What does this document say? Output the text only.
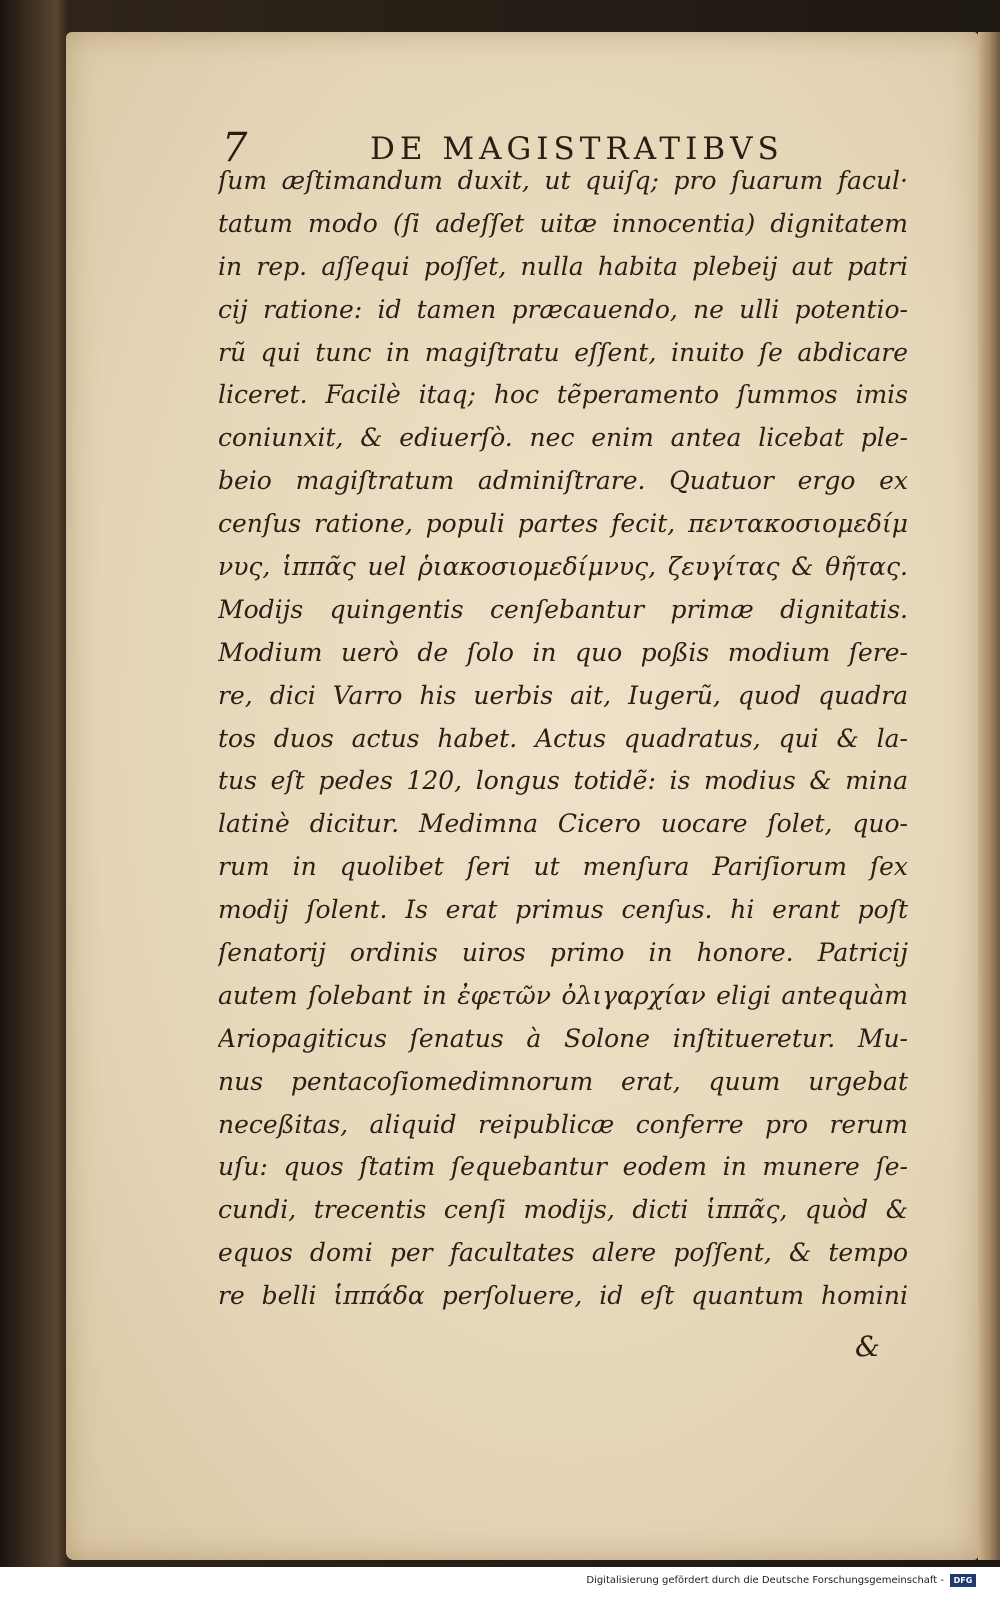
7	DE MAGISTRATIBVS
ſum æſtimandum duxit, ut quiſq; pro ſuarum facul·
tatum modo (ſi adeſſet uitæ innocentia) dignitatem
in rep. aſſequi poſſet, nulla habita plebeij aut patri
cij ratione: id tamen præcauendo, ne ulli potentio-
rũ qui tunc in magiſtratu eſſent, inuito ſe abdicare
liceret. Facilè itaq; hoc tẽperamento ſummos imis
coniunxit, & ediuerſò. nec enim antea licebat ple-
beio magiſtratum adminiſtrare. Quatuor ergo ex
cenſus ratione, populi partes fecit, πεντακοσιομεδίμ
νυς, ἱππᾶς uel ῥιακοσιομεδίμνυς, ζευγίτας & θῆτας.
Modijs quingentis cenſebantur primæ dignitatis.
Modium uerò de ſolo in quo poßis modium ſere-
re, dici Varro his uerbis ait, Iugerũ, quod quadra
tos duos actus habet. Actus quadratus, qui & la-
tus eſt pedes 120, longus totidẽ: is modius & mina
latinè dicitur. Medimna Cicero uocare ſolet, quo-
rum in quolibet ſeri ut menſura Pariſiorum ſex
modij ſolent. Is erat primus cenſus. hi erant poſt
ſenatorij ordinis uiros primo in honore. Patricij
autem ſolebant in ἐφετῶν ὀλιγαρχίαν eligi antequàm
Ariopagiticus ſenatus à Solone inſtitueretur. Mu-
nus pentacoſiomedimnorum erat, quum urgebat
neceßitas, aliquid reipublicæ conferre pro rerum
uſu: quos ſtatim ſequebantur eodem in munere ſe-
cundi, trecentis cenſi modijs, dicti ἱππᾶς, quòd &
equos domi per facultates alere poſſent, & tempo
re belli ἱππάδα perſoluere, id eſt quantum homini
&
Digitalisierung gefördert durch die Deutsche Forschungsgemeinschaft -	DFG
